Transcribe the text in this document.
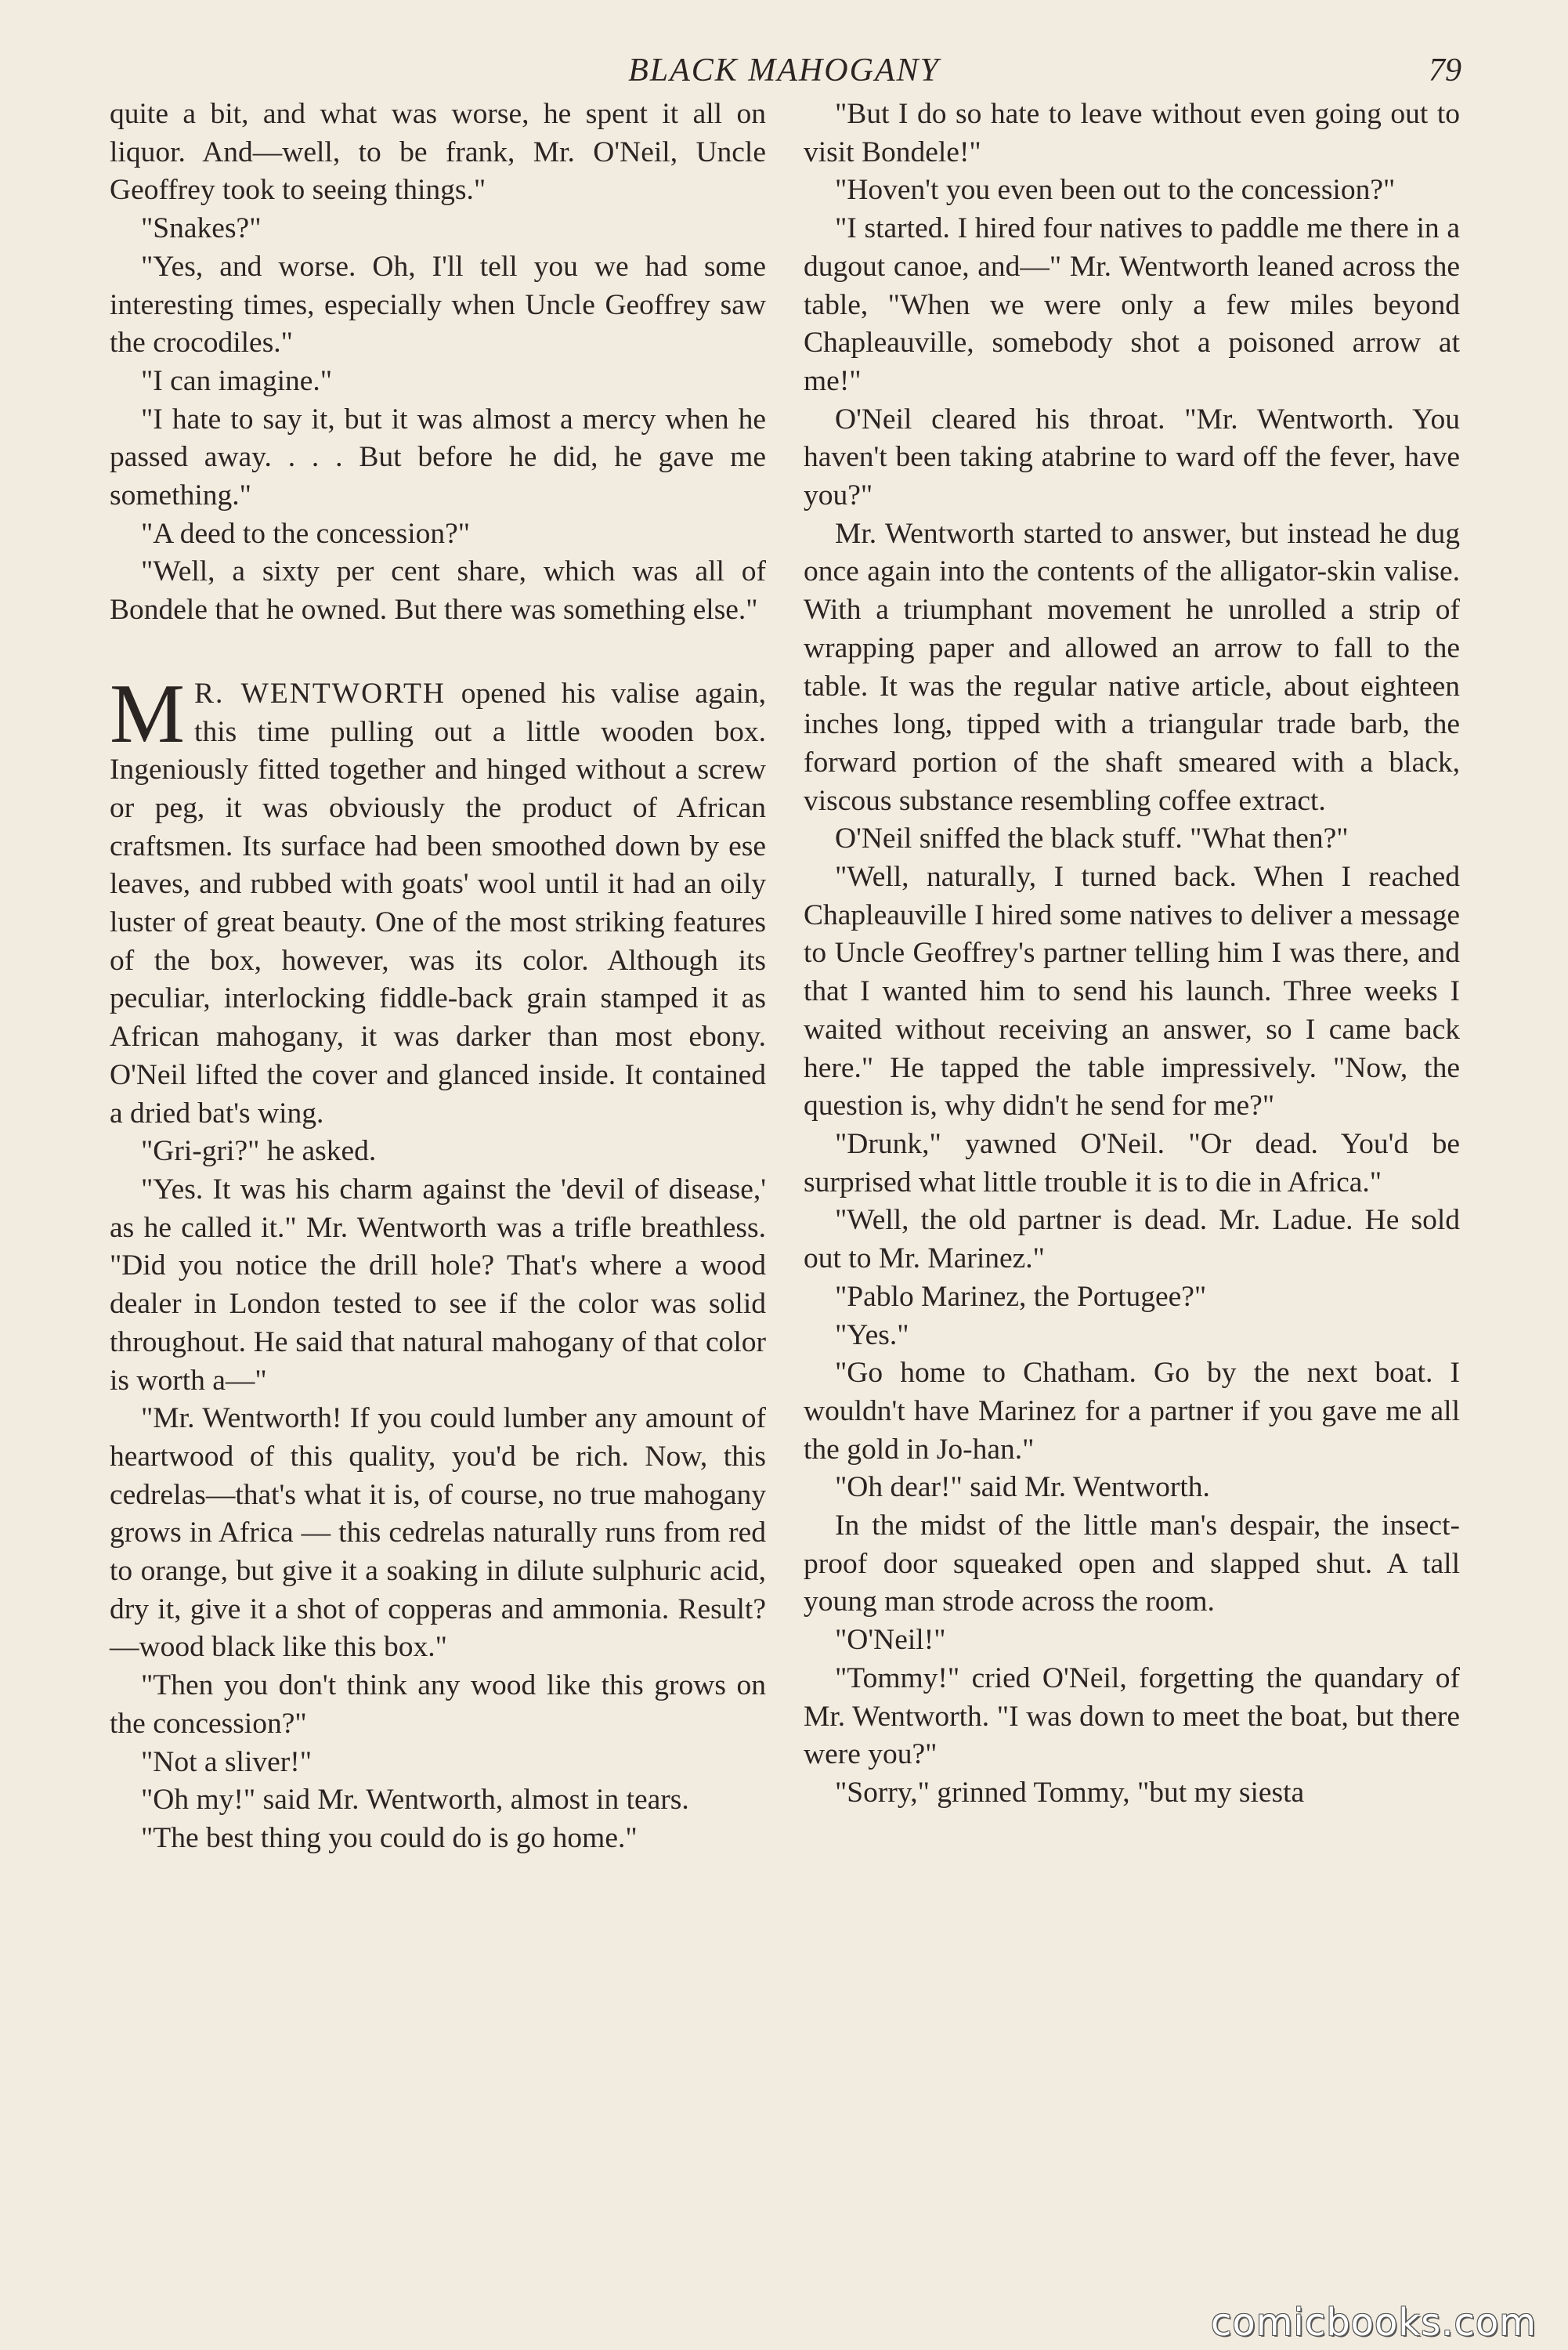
BLACK MAHOGANY	79

quite a bit, and what was worse, he spent it all on liquor. And—well, to be frank, Mr. O'Neil, Uncle Geoffrey took to seeing things."

"Snakes?"

"Yes, and worse. Oh, I'll tell you we had some interesting times, especially when Uncle Geoffrey saw the crocodiles."

"I can imagine."

"I hate to say it, but it was almost a mercy when he passed away. . . . But before he did, he gave me something."

"A deed to the concession?"

"Well, a sixty per cent share, which was all of Bondele that he owned. But there was something else."

M R. WENTWORTH opened his valise again, this time pulling out a little wooden box. Ingeniously fitted together and hinged without a screw or peg, it was obviously the product of African craftsmen. Its surface had been smoothed down by ese leaves, and rubbed with goats' wool until it had an oily luster of great beauty. One of the most striking features of the box, however, was its color. Although its peculiar, interlocking fiddle-back grain stamped it as African mahogany, it was darker than most ebony. O'Neil lifted the cover and glanced inside. It contained a dried bat's wing.

"Gri-gri?" he asked.

"Yes. It was his charm against the 'devil of disease,' as he called it." Mr. Wentworth was a trifle breathless. "Did you notice the drill hole? That's where a wood dealer in London tested to see if the color was solid throughout. He said that natural mahogany of that color is worth a—"

"Mr. Wentworth! If you could lumber any amount of heartwood of this quality, you'd be rich. Now, this cedrelas—that's what it is, of course, no true mahogany grows in Africa — this cedrelas naturally runs from red to orange, but give it a soaking in dilute sulphuric acid, dry it, give it a shot of copperas and ammonia. Result?—wood black like this box."

"Then you don't think any wood like this grows on the concession?"

"Not a sliver!"

"Oh my!" said Mr. Wentworth, almost in tears.

"The best thing you could do is go home."

"But I do so hate to leave without even going out to visit Bondele!"

"Hoven't you even been out to the concession?"

"I started. I hired four natives to paddle me there in a dugout canoe, and—" Mr. Wentworth leaned across the table, "When we were only a few miles beyond Chapleauville, somebody shot a poisoned arrow at me!"

O'Neil cleared his throat. "Mr. Wentworth. You haven't been taking atabrine to ward off the fever, have you?"

Mr. Wentworth started to answer, but instead he dug once again into the contents of the alligator-skin valise. With a triumphant movement he unrolled a strip of wrapping paper and allowed an arrow to fall to the table. It was the regular native article, about eighteen inches long, tipped with a triangular trade barb, the forward portion of the shaft smeared with a black, viscous substance resembling coffee extract.

O'Neil sniffed the black stuff. "What then?"

"Well, naturally, I turned back. When I reached Chapleauville I hired some natives to deliver a message to Uncle Geoffrey's partner telling him I was there, and that I wanted him to send his launch. Three weeks I waited without receiving an answer, so I came back here." He tapped the table impressively. "Now, the question is, why didn't he send for me?"

"Drunk," yawned O'Neil. "Or dead. You'd be surprised what little trouble it is to die in Africa."

"Well, the old partner is dead. Mr. Ladue. He sold out to Mr. Marinez."

"Pablo Marinez, the Portugee?"

"Yes."

"Go home to Chatham. Go by the next boat. I wouldn't have Marinez for a partner if you gave me all the gold in Jo-han."

"Oh dear!" said Mr. Wentworth.

In the midst of the little man's despair, the insect-proof door squeaked open and slapped shut. A tall young man strode across the room.

"O'Neil!"

"Tommy!" cried O'Neil, forgetting the quandary of Mr. Wentworth. "I was down to meet the boat, but there were you?"

"Sorry," grinned Tommy, "but my siesta

comicbooks.com
